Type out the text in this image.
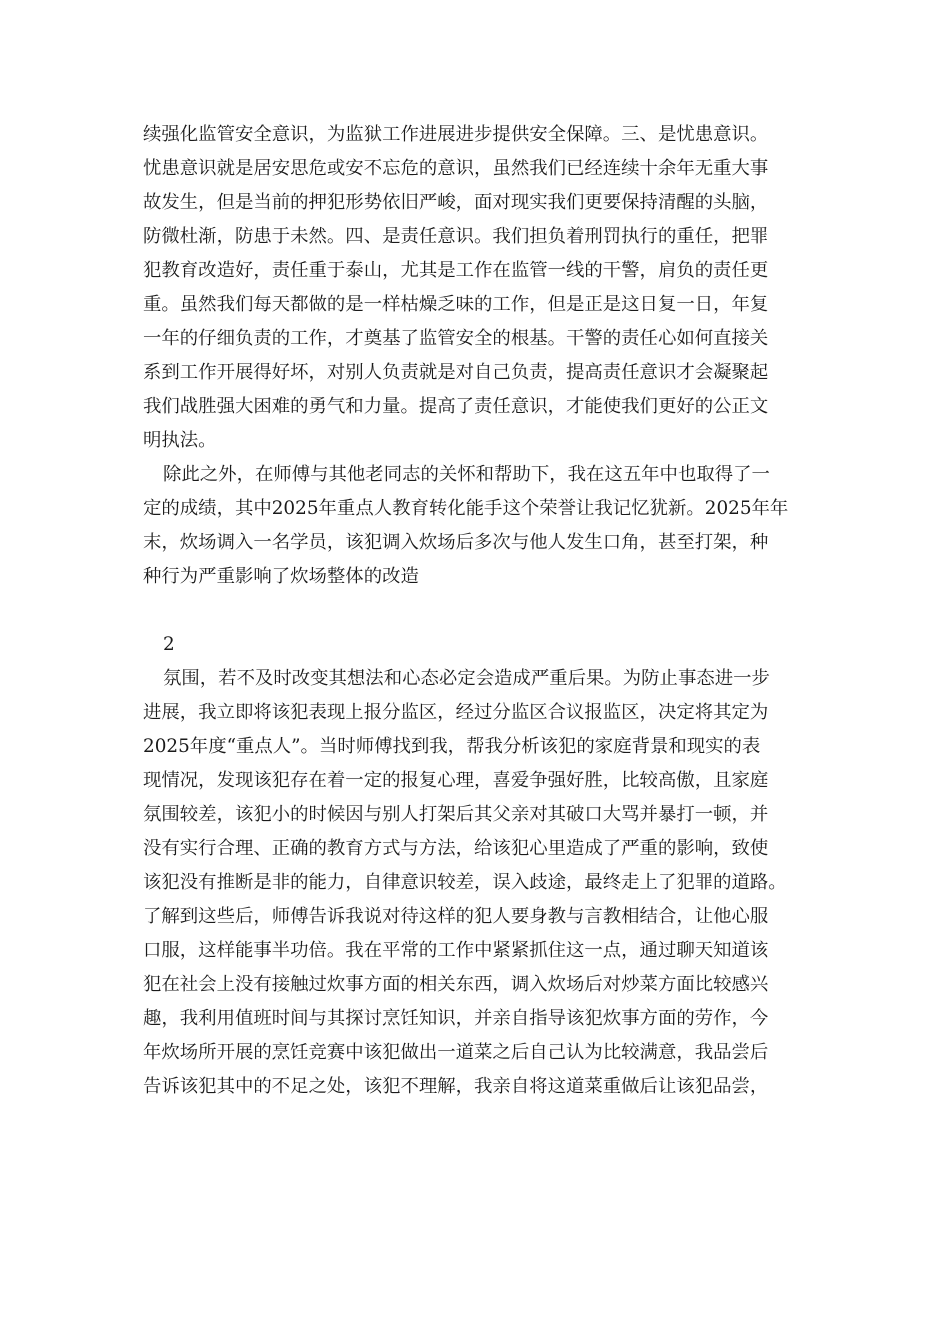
续强化监管安全意识，为监狱工作进展进步提供安全保障。三、是忧患意识。
忧患意识就是居安思危或安不忘危的意识，虽然我们已经连续十余年无重大事
故发生，但是当前的押犯形势依旧严峻，面对现实我们更要保持清醒的头脑，
防微杜渐，防患于未然。四、是责任意识。我们担负着刑罚执行的重任，把罪
犯教育改造好，责任重于泰山，尤其是工作在监管一线的干警，肩负的责任更
重。虽然我们每天都做的是一样枯燥乏味的工作，但是正是这日复一日，年复
一年的仔细负责的工作，才奠基了监管安全的根基。干警的责任心如何直接关
系到工作开展得好坏，对别人负责就是对自己负责，提高责任意识才会凝聚起
我们战胜强大困难的勇气和力量。提高了责任意识，才能使我们更好的公正文
明执法。
除此之外，在师傅与其他老同志的关怀和帮助下，我在这五年中也取得了一
定的成绩，其中2025年重点人教育转化能手这个荣誉让我记忆犹新。2025年年
末，炊场调入一名学员，该犯调入炊场后多次与他人发生口角，甚至打架，种
种行为严重影响了炊场整体的改造
2
氛围，若不及时改变其想法和心态必定会造成严重后果。为防止事态进一步
进展，我立即将该犯表现上报分监区，经过分监区合议报监区，决定将其定为
2025年度“重点人”。当时师傅找到我，帮我分析该犯的家庭背景和现实的表
现情况，发现该犯存在着一定的报复心理，喜爱争强好胜，比较高傲，且家庭
氛围较差，该犯小的时候因与别人打架后其父亲对其破口大骂并暴打一顿，并
没有实行合理、正确的教育方式与方法，给该犯心里造成了严重的影响，致使
该犯没有推断是非的能力，自律意识较差，误入歧途，最终走上了犯罪的道路。
了解到这些后，师傅告诉我说对待这样的犯人要身教与言教相结合，让他心服
口服，这样能事半功倍。我在平常的工作中紧紧抓住这一点，通过聊天知道该
犯在社会上没有接触过炊事方面的相关东西，调入炊场后对炒菜方面比较感兴
趣，我利用值班时间与其探讨烹饪知识，并亲自指导该犯炊事方面的劳作，今
年炊场所开展的烹饪竞赛中该犯做出一道菜之后自己认为比较满意，我品尝后
告诉该犯其中的不足之处，该犯不理解，我亲自将这道菜重做后让该犯品尝，
